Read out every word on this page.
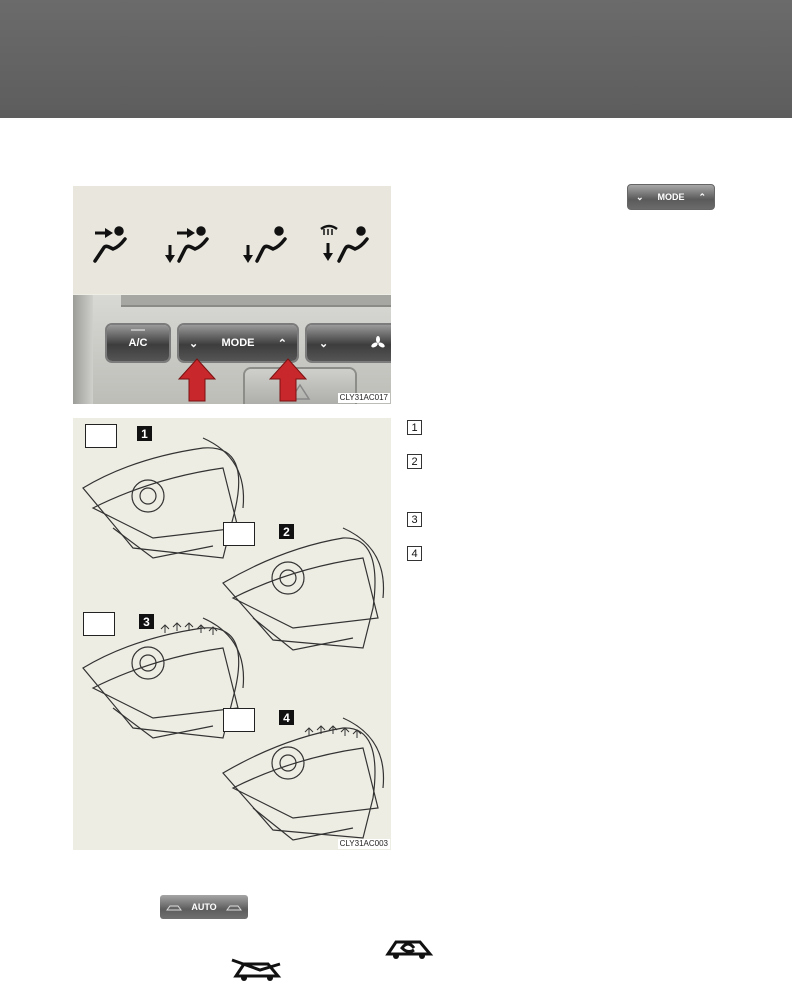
A/C	⌄ MODE ⌃	⌄
CLY31AC017
⌄ MODE ⌃
1
2
3
4
CLY31AC003
1
2
3
4
AUTO
